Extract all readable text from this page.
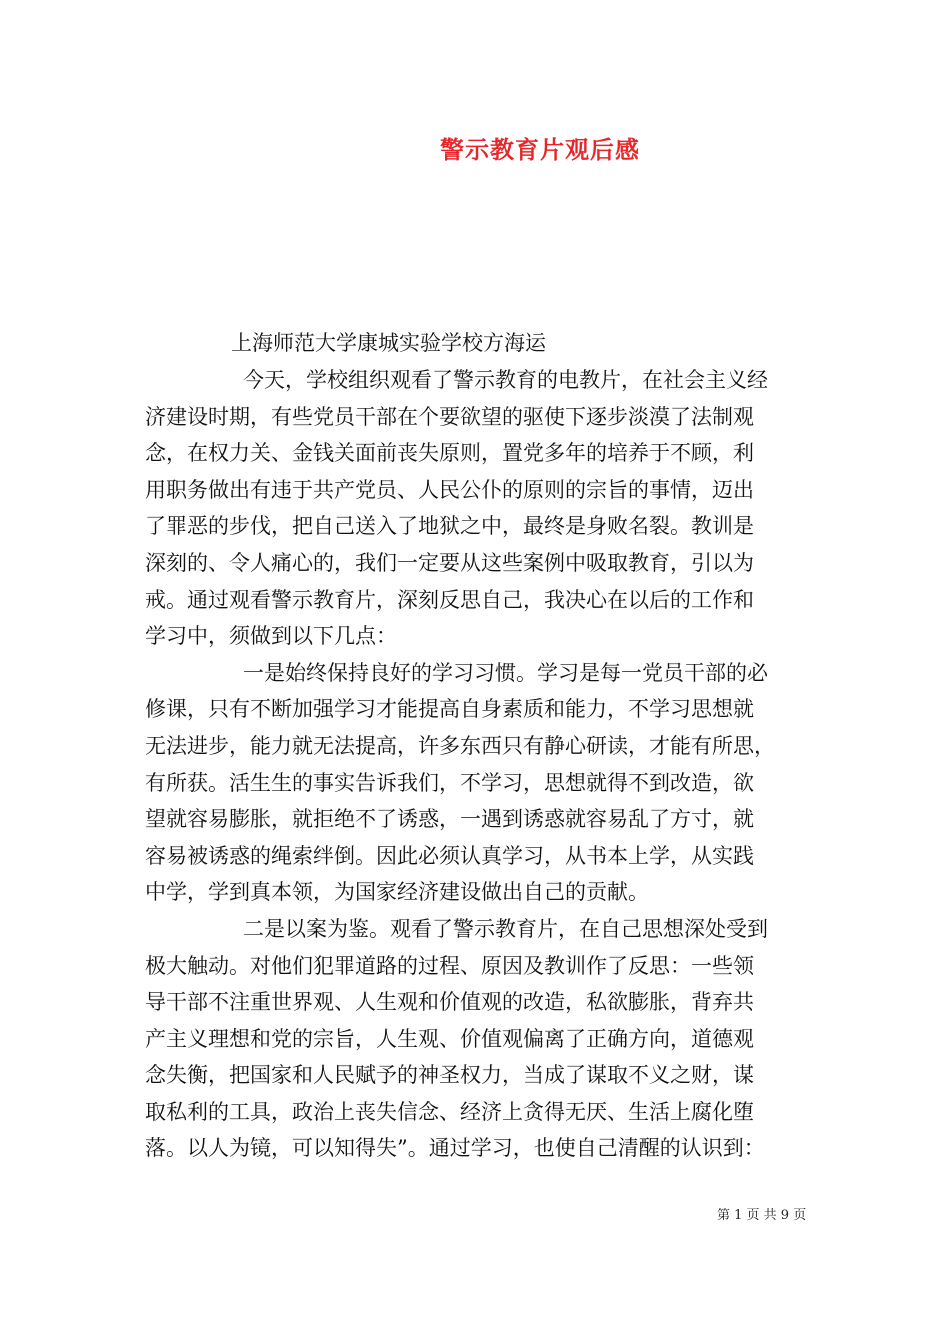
警示教育片观后感
上海师范大学康城实验学校方海运
今天，学校组织观看了警示教育的电教片，在社会主义经
济建设时期，有些党员干部在个要欲望的驱使下逐步淡漠了法制观
念，在权力关、金钱关面前丧失原则，置党多年的培养于不顾，利
用职务做出有违于共产党员、人民公仆的原则的宗旨的事情，迈出
了罪恶的步伐，把自己送入了地狱之中，最终是身败名裂。教训是
深刻的、令人痛心的，我们一定要从这些案例中吸取教育，引以为
戒。通过观看警示教育片，深刻反思自己，我决心在以后的工作和
学习中，须做到以下几点：
一是始终保持良好的学习习惯。学习是每一党员干部的必
修课，只有不断加强学习才能提高自身素质和能力，不学习思想就
无法进步，能力就无法提高，许多东西只有静心研读，才能有所思，
有所获。活生生的事实告诉我们，不学习，思想就得不到改造，欲
望就容易膨胀，就拒绝不了诱惑，一遇到诱惑就容易乱了方寸，就
容易被诱惑的绳索绊倒。因此必须认真学习，从书本上学，从实践
中学，学到真本领，为国家经济建设做出自己的贡献。
二是以案为鉴。观看了警示教育片，在自己思想深处受到
极大触动。对他们犯罪道路的过程、原因及教训作了反思：一些领
导干部不注重世界观、人生观和价值观的改造，私欲膨胀，背弃共
产主义理想和党的宗旨，人生观、价值观偏离了正确方向，道德观
念失衡，把国家和人民赋予的神圣权力，当成了谋取不义之财，谋
取私利的工具，政治上丧失信念、经济上贪得无厌、生活上腐化堕
落。以人为镜，可以知得失”。通过学习，也使自己清醒的认识到：
第 1 页 共 9 页
